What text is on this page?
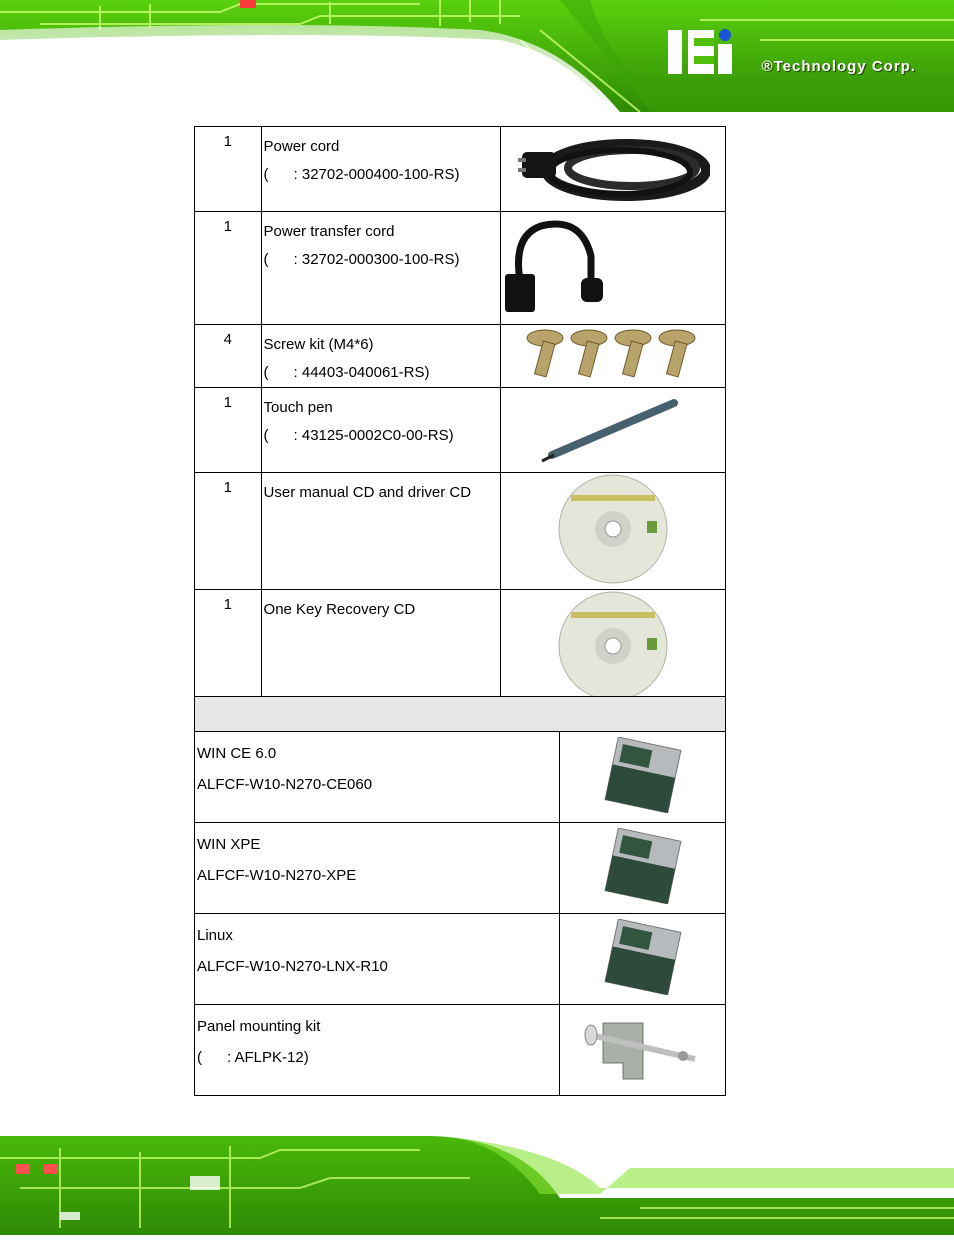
®Technology Corp.
1	Power cord
(      : 32702-000400-100-RS)

1	Power transfer cord
(      : 32702-000300-100-RS)

4	Screw kit (M4*6)
(      : 44403-040061-RS)

1	Touch pen
(      : 43125-0002C0-00-RS)

1	User manual CD and driver CD

1	One Key Recovery CD

WIN CE 6.0
ALFCF-W10-N270-CE060

WIN XPE
ALFCF-W10-N270-XPE

Linux
ALFCF-W10-N270-LNX-R10

Panel mounting kit
(      : AFLPK-12)
